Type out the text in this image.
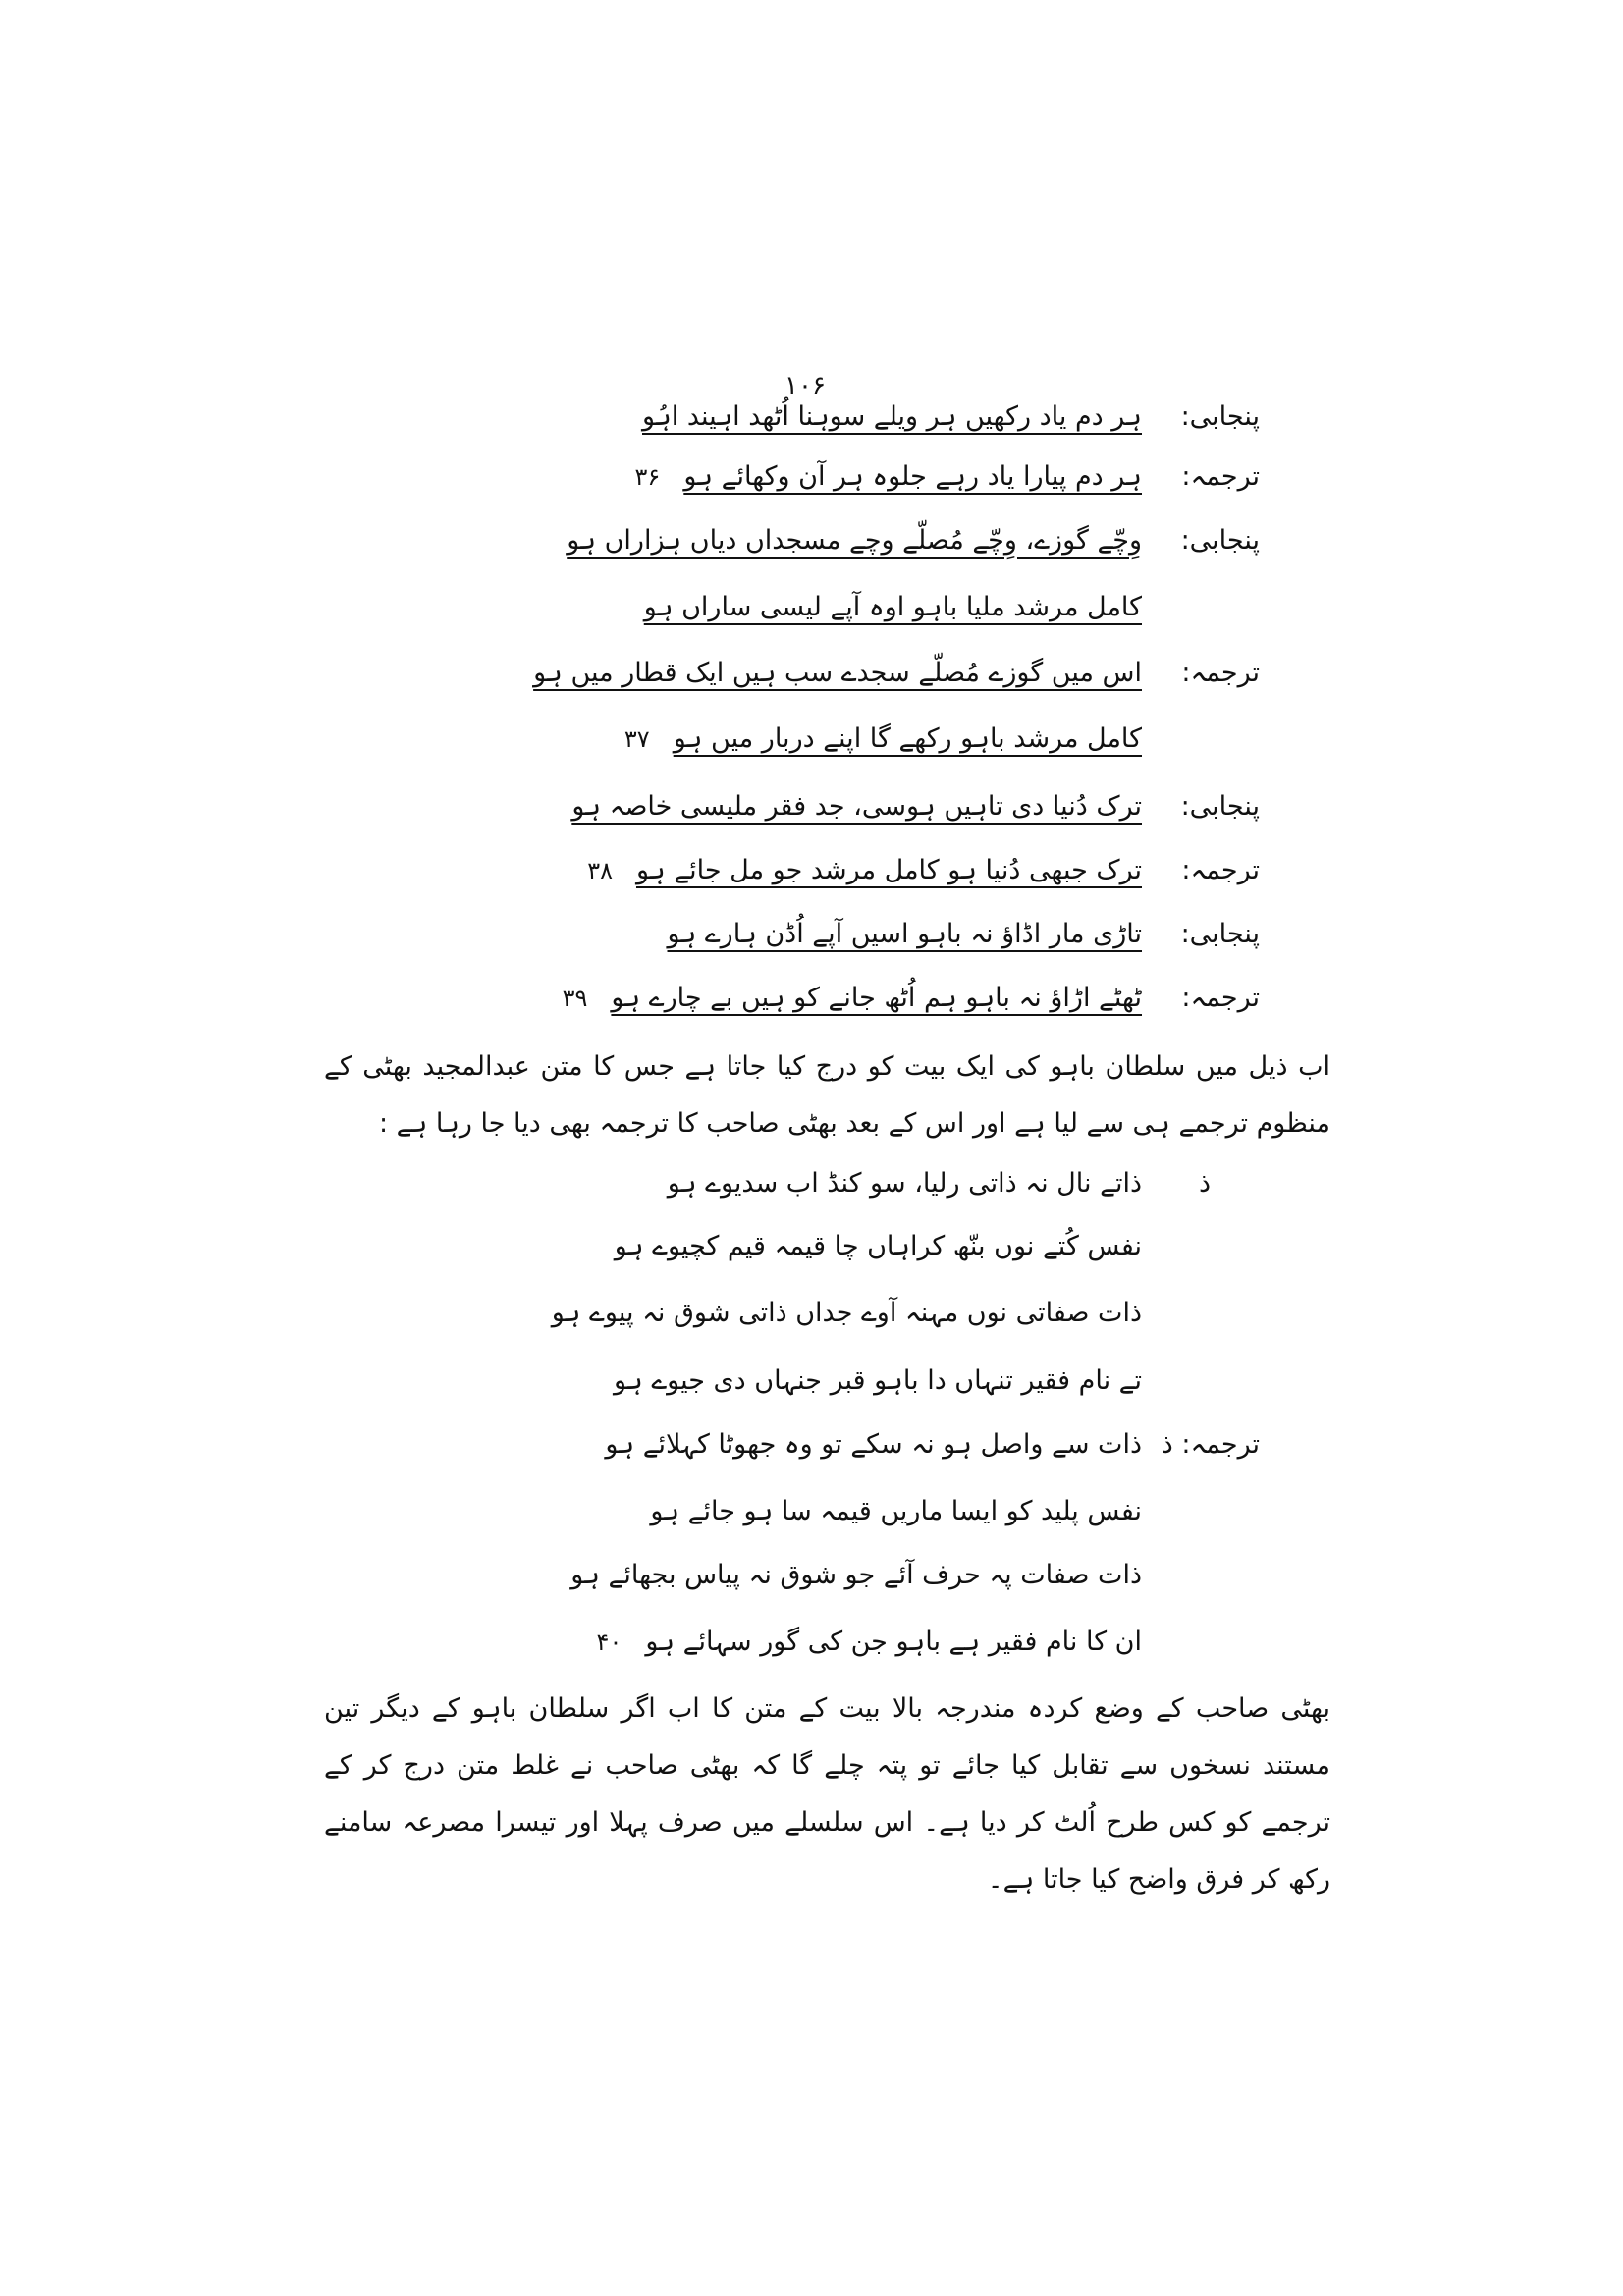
۱۰۶
پنجابی:
ہر دم یاد رکھیں ہر ویلے سوہنا اُٹھد اہیند اہُو
ترجمہ:
ہر دم پیارا یاد رہے جلوہ ہر آن وکھائے ہو۳۶
پنجابی:
وِچّے گوزے، وِچّے مُصلّے وچے مسجداں دیاں ہزاراں ہو
کامل مرشد ملیا باہو اوہ آپے لیسی ساراں ہو
ترجمہ:
اس میں گوزے مُصلّے سجدے سب ہیں ایک قطار میں ہو
کامل مرشد باہو رکھے گا اپنے دربار میں ہو۳۷
پنجابی:
ترک دُنیا دی تاہیں ہوسی، جد فقر ملیسی خاصہ ہو
ترجمہ:
ترک جبھی دُنیا ہو کامل مرشد جو مل جائے ہو۳۸
پنجابی:
تاڑی مار اڈاؤ نہ باہو اسیں آپے اُڈن ہارے ہو
ترجمہ:
ٹھٹے اڑاؤ نہ باہو ہم اُٹھ جانے کو ہیں بے چارے ہو۳۹

اب ذیل میں سلطان باہو کی ایک بیت کو درج کیا جاتا ہے جس کا متن عبدالمجید بھٹی کے منظوم ترجمے ہی سے لیا ہے اور اس کے بعد بھٹی صاحب کا ترجمہ بھی دیا جا رہا ہے :

ذ
ذاتے نال نہ ذاتی رلیا، سو کنڈ اب سدیوے ہو
نفس کُتے نوں بنّھ کراہاں چا قیمہ قیم کچیوے ہو
ذات صفاتی نوں مہنہ آوے جداں ذاتی شوق نہ پیوے ہو
تے نام فقیر تنہاں دا باہو قبر جنہاں دی جیوے ہو
ترجمہ: ذ
ذات سے واصل ہو نہ سکے تو وہ جھوٹا کہلائے ہو
نفس پلید کو ایسا ماریں قیمہ سا ہو جائے ہو
ذات صفات پہ حرف آئے جو شوق نہ پیاس بجھائے ہو
ان کا نام فقیر ہے باہو جن کی گور سہائے ہو۴۰

بھٹی صاحب کے وضع کردہ مندرجہ بالا بیت کے متن کا اب اگر سلطان باہو کے دیگر تین مستند نسخوں سے تقابل کیا جائے تو پتہ چلے گا کہ بھٹی صاحب نے غلط متن درج کر کے ترجمے کو کس طرح اُلٹ کر دیا ہے۔ اس سلسلے میں صرف پہلا اور تیسرا مصرعہ سامنے رکھ کر فرق واضح کیا جاتا ہے۔
